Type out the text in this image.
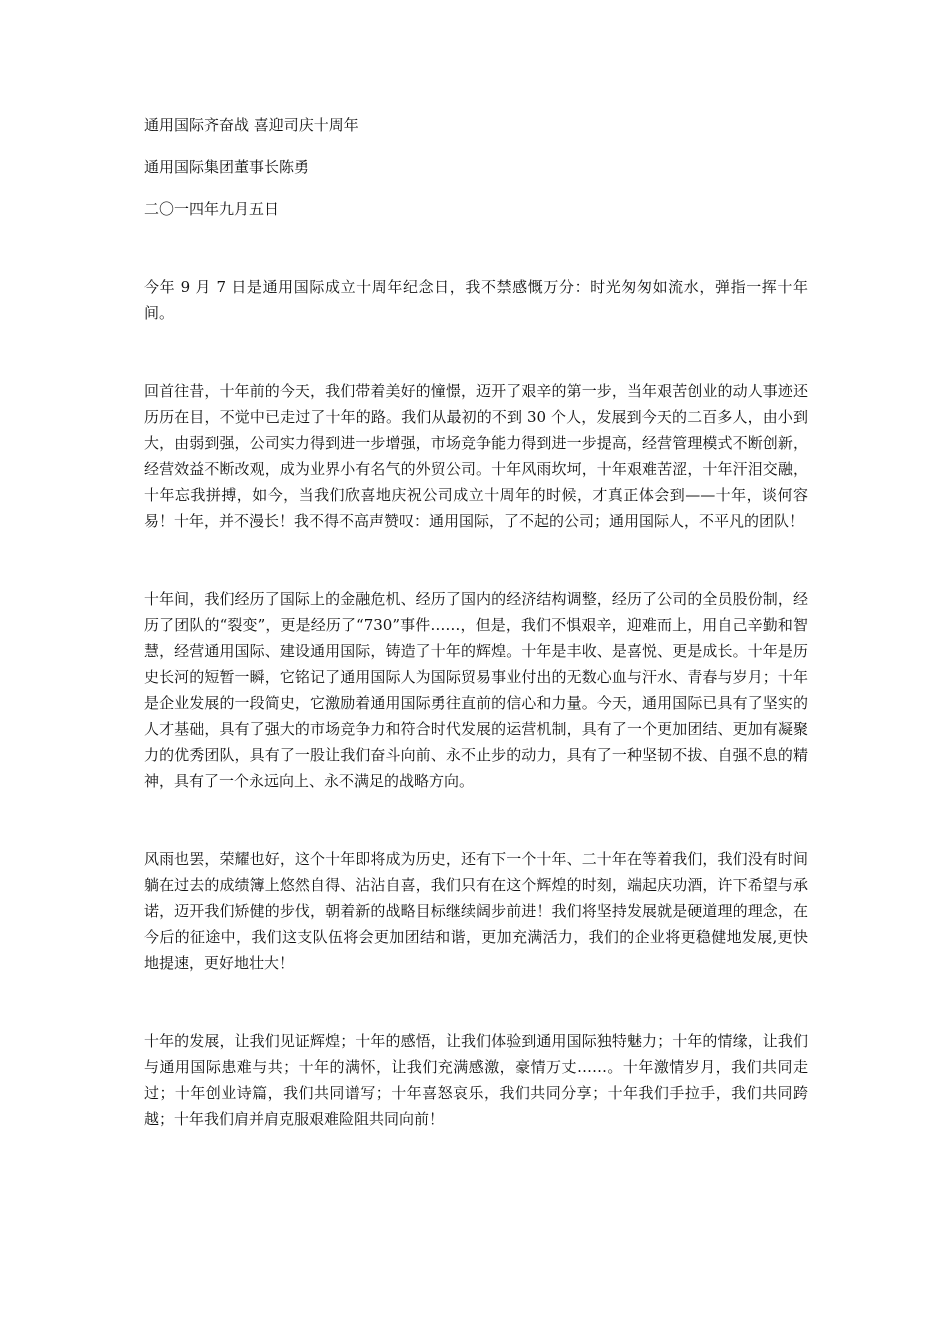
通用国际齐奋战 喜迎司庆十周年

通用国际集团董事长陈勇

二〇一四年九月五日

今年 9 月 7 日是通用国际成立十周年纪念日，我不禁感慨万分：时光匆匆如流水，弹指一挥十年间。

回首往昔，十年前的今天，我们带着美好的憧憬，迈开了艰辛的第一步，当年艰苦创业的动人事迹还历历在目，不觉中已走过了十年的路。我们从最初的不到 30 个人，发展到今天的二百多人，由小到大，由弱到强，公司实力得到进一步增强，市场竞争能力得到进一步提高，经营管理模式不断创新，经营效益不断改观，成为业界小有名气的外贸公司。十年风雨坎坷，十年艰难苦涩，十年汗泪交融，十年忘我拼搏，如今，当我们欣喜地庆祝公司成立十周年的时候，才真正体会到——十年，谈何容易！十年，并不漫长！我不得不高声赞叹：通用国际，了不起的公司；通用国际人，不平凡的团队！

十年间，我们经历了国际上的金融危机、经历了国内的经济结构调整，经历了公司的全员股份制，经历了团队的“裂变”，更是经历了“730”事件……，但是，我们不惧艰辛，迎难而上，用自己辛勤和智慧，经营通用国际、建设通用国际，铸造了十年的辉煌。十年是丰收、是喜悦、更是成长。十年是历史长河的短暂一瞬，它铭记了通用国际人为国际贸易事业付出的无数心血与汗水、青春与岁月；十年是企业发展的一段简史，它激励着通用国际勇往直前的信心和力量。今天，通用国际已具有了坚实的人才基础，具有了强大的市场竞争力和符合时代发展的运营机制，具有了一个更加团结、更加有凝聚力的优秀团队，具有了一股让我们奋斗向前、永不止步的动力，具有了一种坚韧不拔、自强不息的精神，具有了一个永远向上、永不满足的战略方向。

风雨也罢，荣耀也好，这个十年即将成为历史，还有下一个十年、二十年在等着我们，我们没有时间躺在过去的成绩簿上悠然自得、沾沾自喜，我们只有在这个辉煌的时刻，端起庆功酒，许下希望与承诺，迈开我们矫健的步伐，朝着新的战略目标继续阔步前进！我们将坚持发展就是硬道理的理念，在今后的征途中，我们这支队伍将会更加团结和谐，更加充满活力，我们的企业将更稳健地发展,更快地提速，更好地壮大！

十年的发展，让我们见证辉煌；十年的感悟，让我们体验到通用国际独特魅力；十年的情缘，让我们与通用国际患难与共；十年的满怀，让我们充满感激，豪情万丈……。十年激情岁月，我们共同走过；十年创业诗篇，我们共同谱写；十年喜怒哀乐，我们共同分享；十年我们手拉手，我们共同跨越；十年我们肩并肩克服艰难险阻共同向前！
